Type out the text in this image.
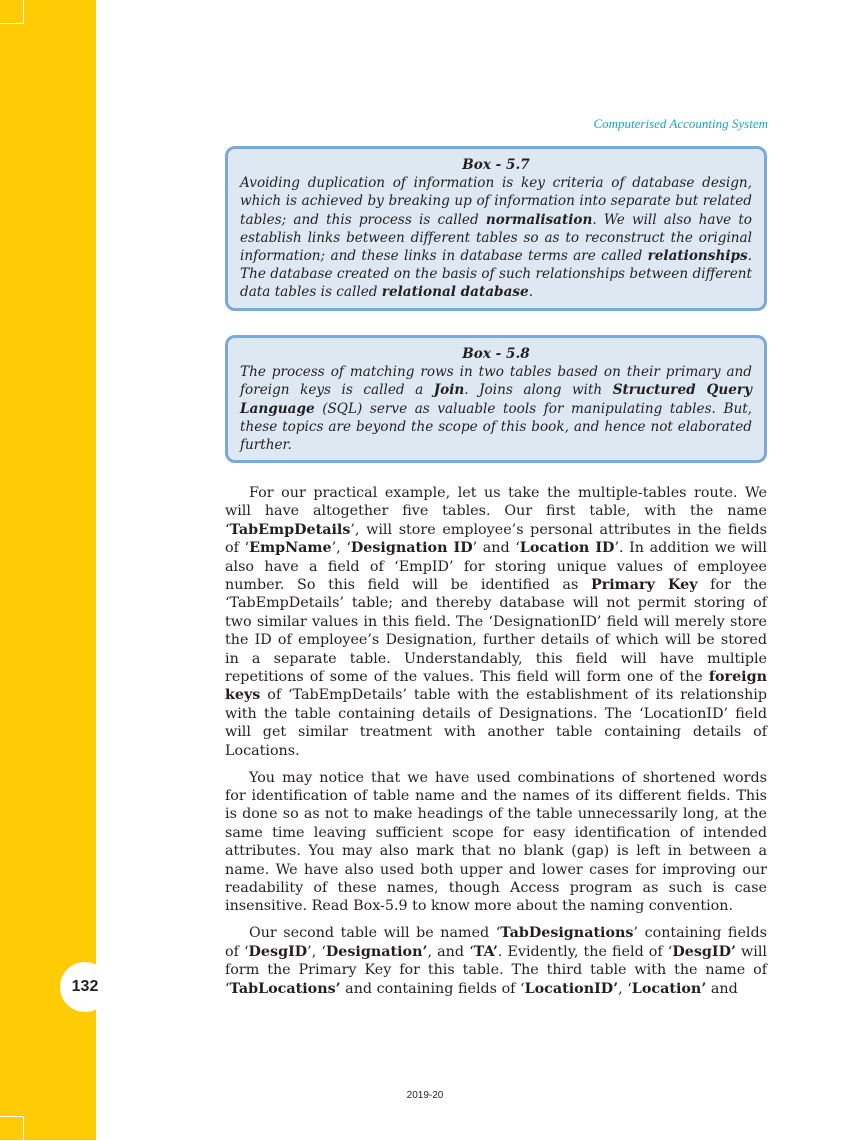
132
Computerised Accounting System
Box - 5.7
Avoiding duplication of information is key criteria of database design, which is achieved by breaking up of information into separate but related tables; and this process is called normalisation. We will also have to establish links between different tables so as to reconstruct the original information; and these links in database terms are called relationships. The database created on the basis of such relationships between different data tables is called relational database.
Box - 5.8
The process of matching rows in two tables based on their primary and foreign keys is called a Join. Joins along with Structured Query Language (SQL) serve as valuable tools for manipulating tables. But, these topics are beyond the scope of this book, and hence not elaborated further.

For our practical example, let us take the multiple-tables route. We will have altogether five tables. Our first table, with the name ‘TabEmpDetails’, will store employee’s personal attributes in the fields of ‘EmpName’, ‘Designation ID’ and ‘Location ID’. In addition we will also have a field of ‘EmpID’ for storing unique values of employee number. So this field will be identified as Primary Key for the ‘TabEmpDetails’ table; and thereby database will not permit storing of two similar values in this field. The ‘DesignationID’ field will merely store the ID of employee’s Designation, further details of which will be stored in a separate table. Understandably, this field will have multiple repetitions of some of the values. This field will form one of the foreign keys of ‘TabEmpDetails’ table with the establishment of its relationship with the table containing details of Designations. The ‘LocationID’ field will get similar treatment with another table containing details of Locations.

You may notice that we have used combinations of shortened words for identification of table name and the names of its different fields. This is done so as not to make headings of the table unnecessarily long, at the same time leaving sufficient scope for easy identification of intended attributes. You may also mark that no blank (gap) is left in between a name. We have also used both upper and lower cases for improving our readability of these names, though Access program as such is case insensitive. Read Box-5.9 to know more about the naming convention.

Our second table will be named ‘TabDesignations’ containing fields of ‘DesgID’, ‘Designation’, and ‘TA’. Evidently, the field of ‘DesgID’ will form the Primary Key for this table. The third table with the name of ‘TabLocations’ and containing fields of ‘LocationID’, ‘Location’ and

2019-20
